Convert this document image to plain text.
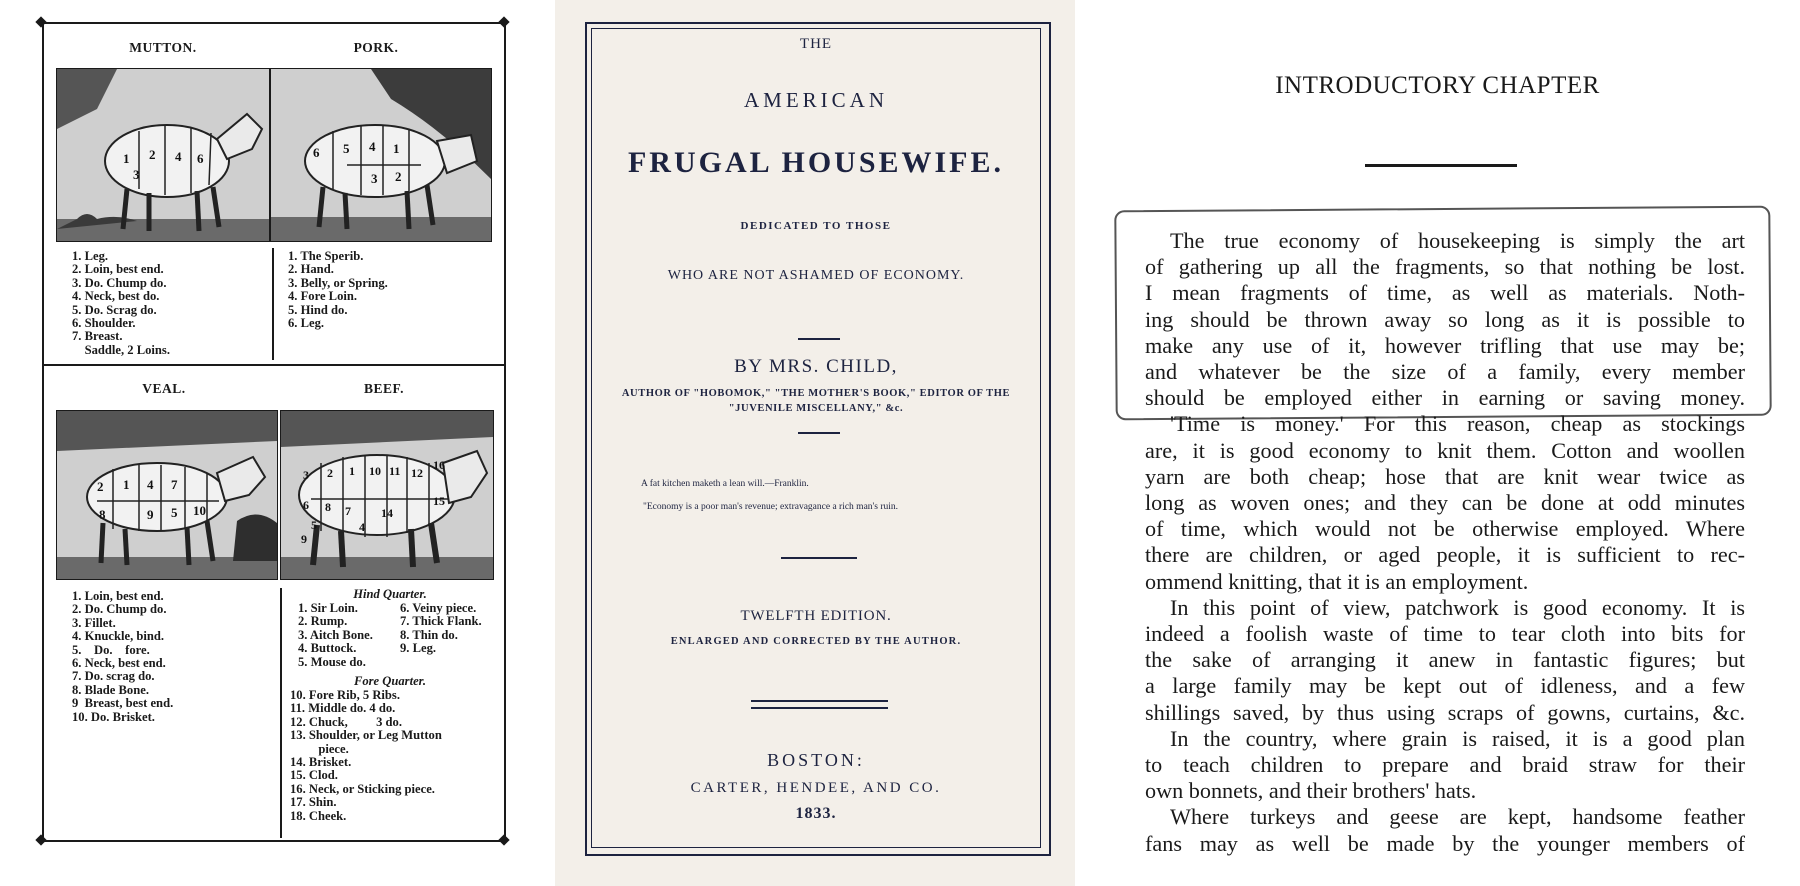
MUTTON.	PORK.
VEAL.	BEEF.
1 2
3
4 6	6 5 4 1
3 2
2 1 4 7
8	9 5 10
3 2 1 10 11 12
16
15
6 8 7	14
5	4
9
1. Leg.
2. Loin, best end.
3. Do. Chump do.
4. Neck, best do.
5. Do. Scrag do.
6. Shoulder.
7. Breast.
Saddle, 2 Loins.
1. The Sperib.
2. Hand.
3. Belly, or Spring.
4. Fore Loin.
5. Hind do.
6. Leg.
1. Loin, best end.
2. Do. Chump do.
3. Fillet.
4. Knuckle, bind.
5.    Do.    fore.
6. Neck, best end.
7. Do. scrag do.
8. Blade Bone.
9  Breast, best end.
10. Do. Brisket.
Hind Quarter.
1. Sir Loin.
2. Rump.
3. Aitch Bone.
4. Buttock.
5. Mouse do.
6. Veiny piece.
7. Thick Flank.
8. Thin do.
9. Leg.
Fore Quarter.
10. Fore Rib, 5 Ribs.
11. Middle do. 4 do.
12. Chuck,         3 do.
13. Shoulder, or Leg Mutton
piece.
14. Brisket.
15. Clod.
16. Neck, or Sticking piece.
17. Shin.
18. Cheek.
THE
AMERICAN
FRUGAL HOUSEWIFE.
DEDICATED TO THOSE
WHO ARE NOT ASHAMED OF ECONOMY.
BY MRS. CHILD,
AUTHOR OF "HOBOMOK," "THE MOTHER'S BOOK," EDITOR OF THE
"JUVENILE MISCELLANY," &c.
A fat kitchen maketh a lean will.—Franklin.
"Economy is a poor man's revenue; extravagance a rich man's ruin.
TWELFTH EDITION.
ENLARGED AND CORRECTED BY THE AUTHOR.
BOSTON:
CARTER, HENDEE, AND CO.
1833.
INTRODUCTORY CHAPTER
The true economy of housekeeping is simply the art
of gathering up all the fragments, so that nothing be lost.
I mean fragments of time, as well as materials. Noth-
ing should be thrown away so long as it is possible to
make any use of it, however trifling that use may be;
and whatever be the size of a family, every member
should be employed either in earning or saving money.
'Time is money.' For this reason, cheap as stockings
are, it is good economy to knit them. Cotton and woollen
yarn are both cheap; hose that are knit wear twice as
long as woven ones; and they can be done at odd minutes
of time, which would not be otherwise employed. Where
there are children, or aged people, it is sufficient to rec-
ommend knitting, that it is an employment.
In this point of view, patchwork is good economy. It is
indeed a foolish waste of time to tear cloth into bits for
the sake of arranging it anew in fantastic figures; but
a large family may be kept out of idleness, and a few
shillings saved, by thus using scraps of gowns, curtains, &c.
In the country, where grain is raised, it is a good plan
to teach children to prepare and braid straw for their
own bonnets, and their brothers' hats.
Where turkeys and geese are kept, handsome feather
fans may as well be made by the younger members of
